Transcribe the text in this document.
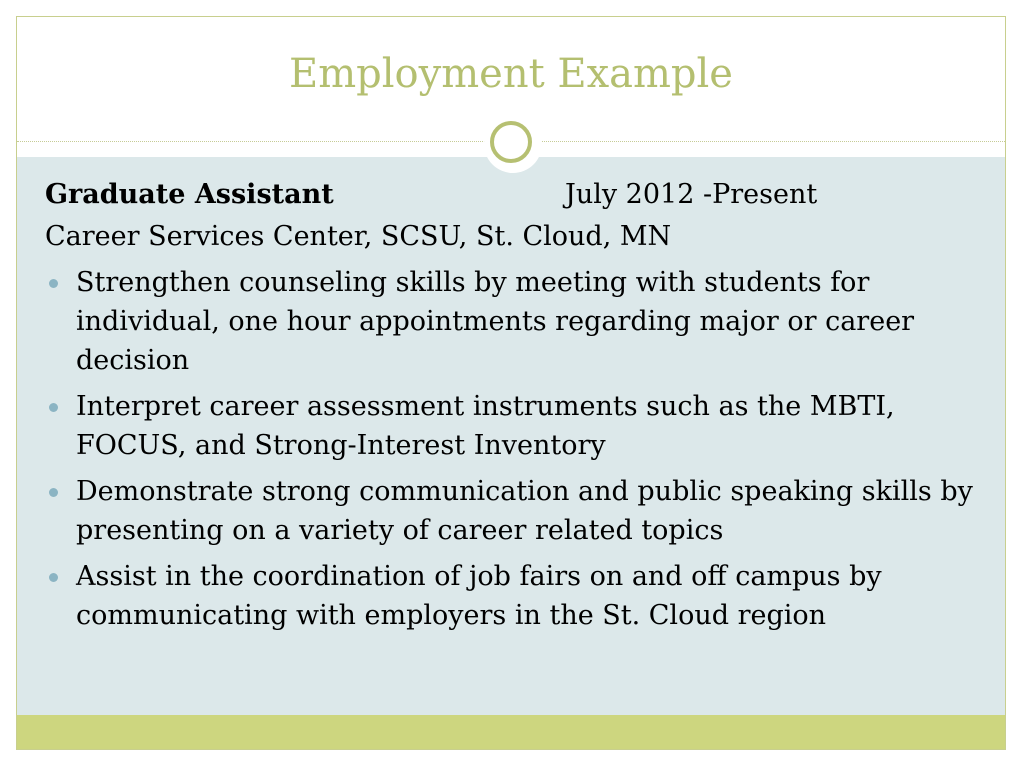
Employment Example
Graduate Assistant	July 2012 -Present
Career Services Center, SCSU, St. Cloud, MN
Strengthen counseling skills by meeting with students for individual, one hour appointments regarding major or career decision
Interpret career assessment instruments such as the MBTI, FOCUS, and Strong-Interest Inventory
Demonstrate strong communication and public speaking skills by presenting on a variety of career related topics
Assist in the coordination of job fairs on and off campus by communicating with employers in the St. Cloud region
